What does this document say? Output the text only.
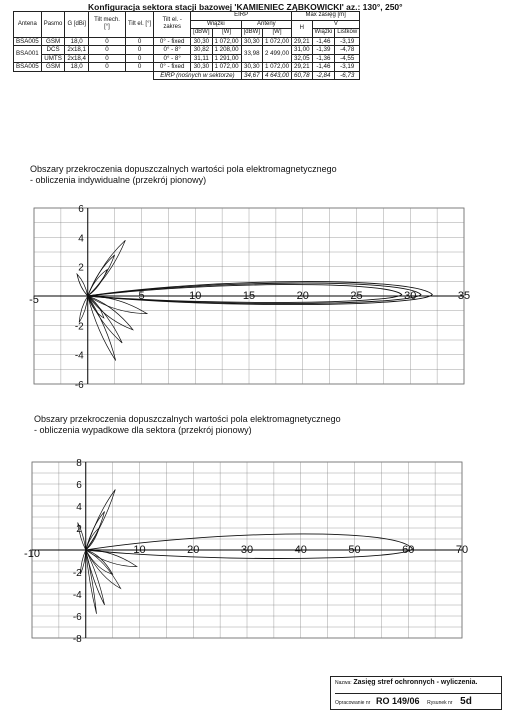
Konfiguracja sektora stacji bazowej 'KAMIENIEC ZĄBKOWICKI' az.: 130°, 250°
Antena	Pasmo	G [dBi]	Tilt mech. [°]	Tilt el. [°]	Tilt el. - zakres	EIRP				Max zasięg [m]		
						Wiązki		Anteny		H	V	
						[dBW]	[W]	[dBW]	[W]		Wiązki	Listków
BSA005	GSM	18,0	0	0	0° - fixed	30,30	1 072,00	30,30	1 072,00	29,21	-1,46	-3,19
BSA001	DCS	2x18,1	0	0	0° - 8°	30,82	1 208,00	33,98	2 499,00	31,00	-1,39	-4,78
	UMTS	2x18,4	0	0	0° - 8°	31,11	1 291,00			32,05	-1,36	-4,55
BSA005	GSM	18,0	0	0	0° - fixed	30,30	1 072,00	30,30	1 072,00	29,21	-1,46	-3,19
					EIRP (nośnych w sektorze)			34,67	4 643,00	60,78	-2,84	-6,73
Obszary przekroczenia dopuszczalnych wartości pola elektromagnetycznego
- obliczenia indywidualne (przekrój pionowy)
-5	5	10	15	20	25	30	35
-6
-4
-2
2
4
6
Obszary przekroczenia dopuszczalnych wartości pola elektromagnetycznego
- obliczenia wypadkowe dla sektora (przekrój pionowy)
-10	10	20	30	40	50	60	70
-8
-6
-4
-2
2
4
6
8
Nazwa: Zasięg stref ochronnych - wyliczenia.
Opracowanie nr RO 149/06 Rysunek nr 5d
